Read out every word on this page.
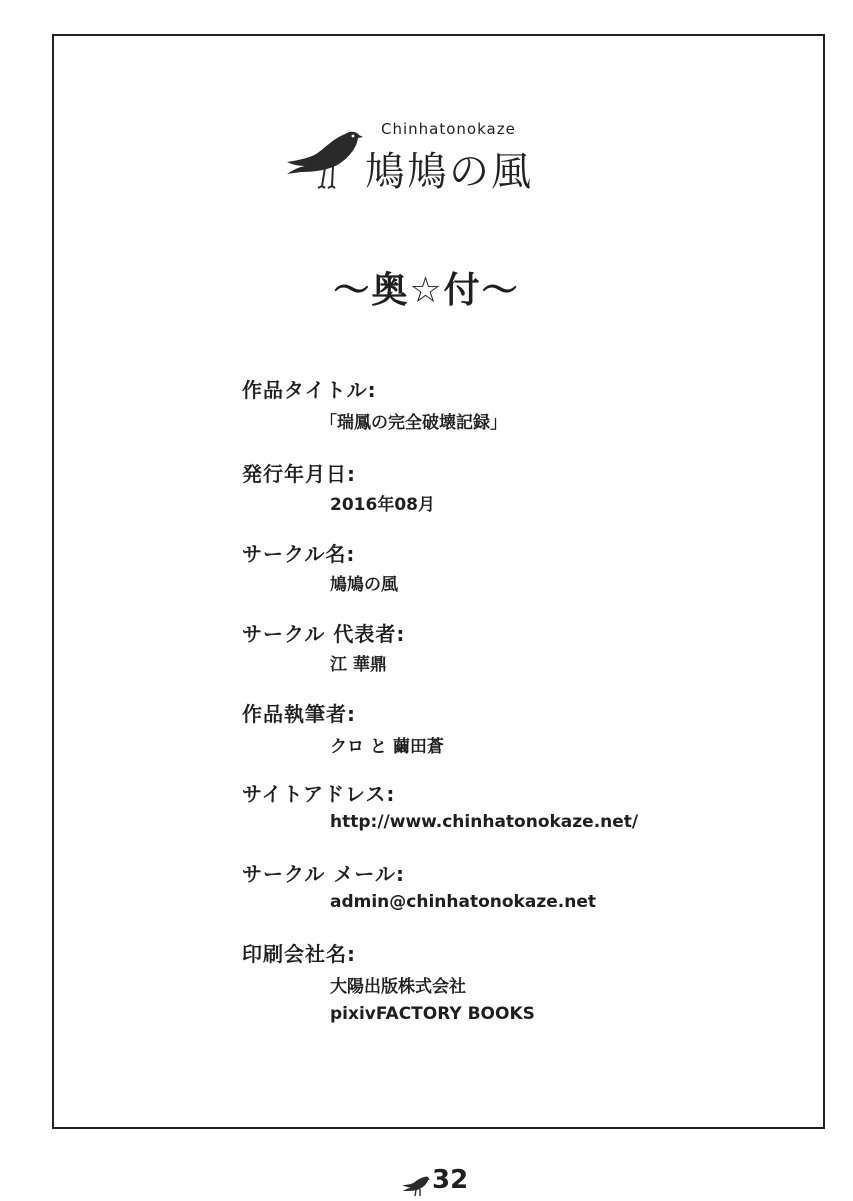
Chinhatonokaze
鳩鳩の風
〜奥☆付〜
作品タイトル:
「瑞鳳の完全破壊記録」
発行年月日:
2016年08月
サークル名:
鳩鳩の風
サークル 代表者:
江 華鼎
作品執筆者:
クロ と 繭田蒼
サイトアドレス:
http://www.chinhatonokaze.net/
サークル メール:
admin@chinhatonokaze.net
印刷会社名:
大陽出版株式会社
pixivFACTORY BOOKS
32
